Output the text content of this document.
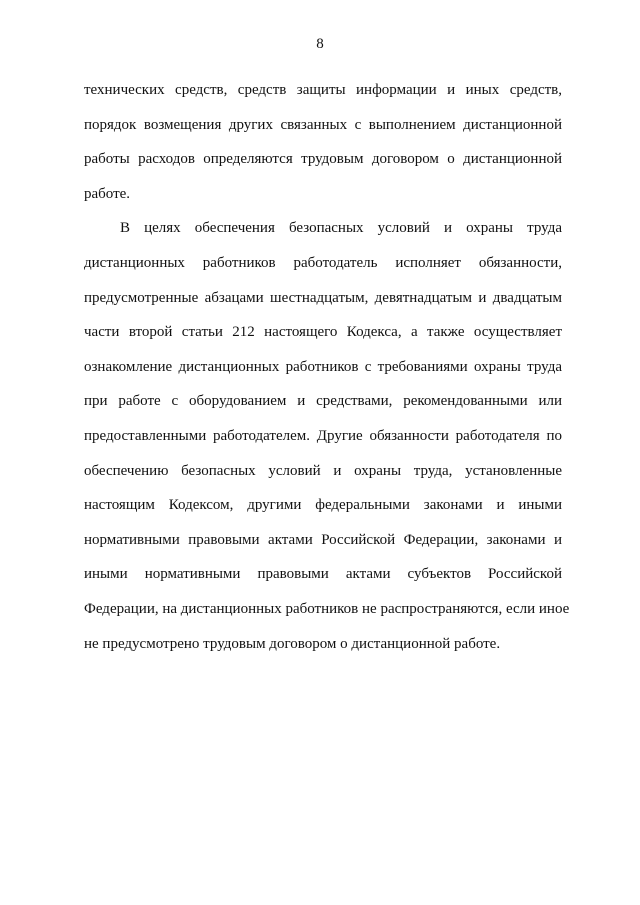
8
технических средств, средств защиты информации и иных средств,
порядок возмещения других связанных с выполнением дистанционной
работы расходов определяются трудовым договором о дистанционной
работе.
В целях обеспечения безопасных условий и охраны труда
дистанционных работников работодатель исполняет обязанности,
предусмотренные абзацами шестнадцатым, девятнадцатым и двадцатым
части второй статьи 212 настоящего Кодекса, а также осуществляет
ознакомление дистанционных работников с требованиями охраны труда
при работе с оборудованием и средствами, рекомендованными или
предоставленными работодателем. Другие обязанности работодателя по
обеспечению безопасных условий и охраны труда, установленные
настоящим Кодексом, другими федеральными законами и иными
нормативными правовыми актами Российской Федерации, законами и
иными нормативными правовыми актами субъектов Российской
Федерации, на дистанционных работников не распространяются, если иное
не предусмотрено трудовым договором о дистанционной работе.
